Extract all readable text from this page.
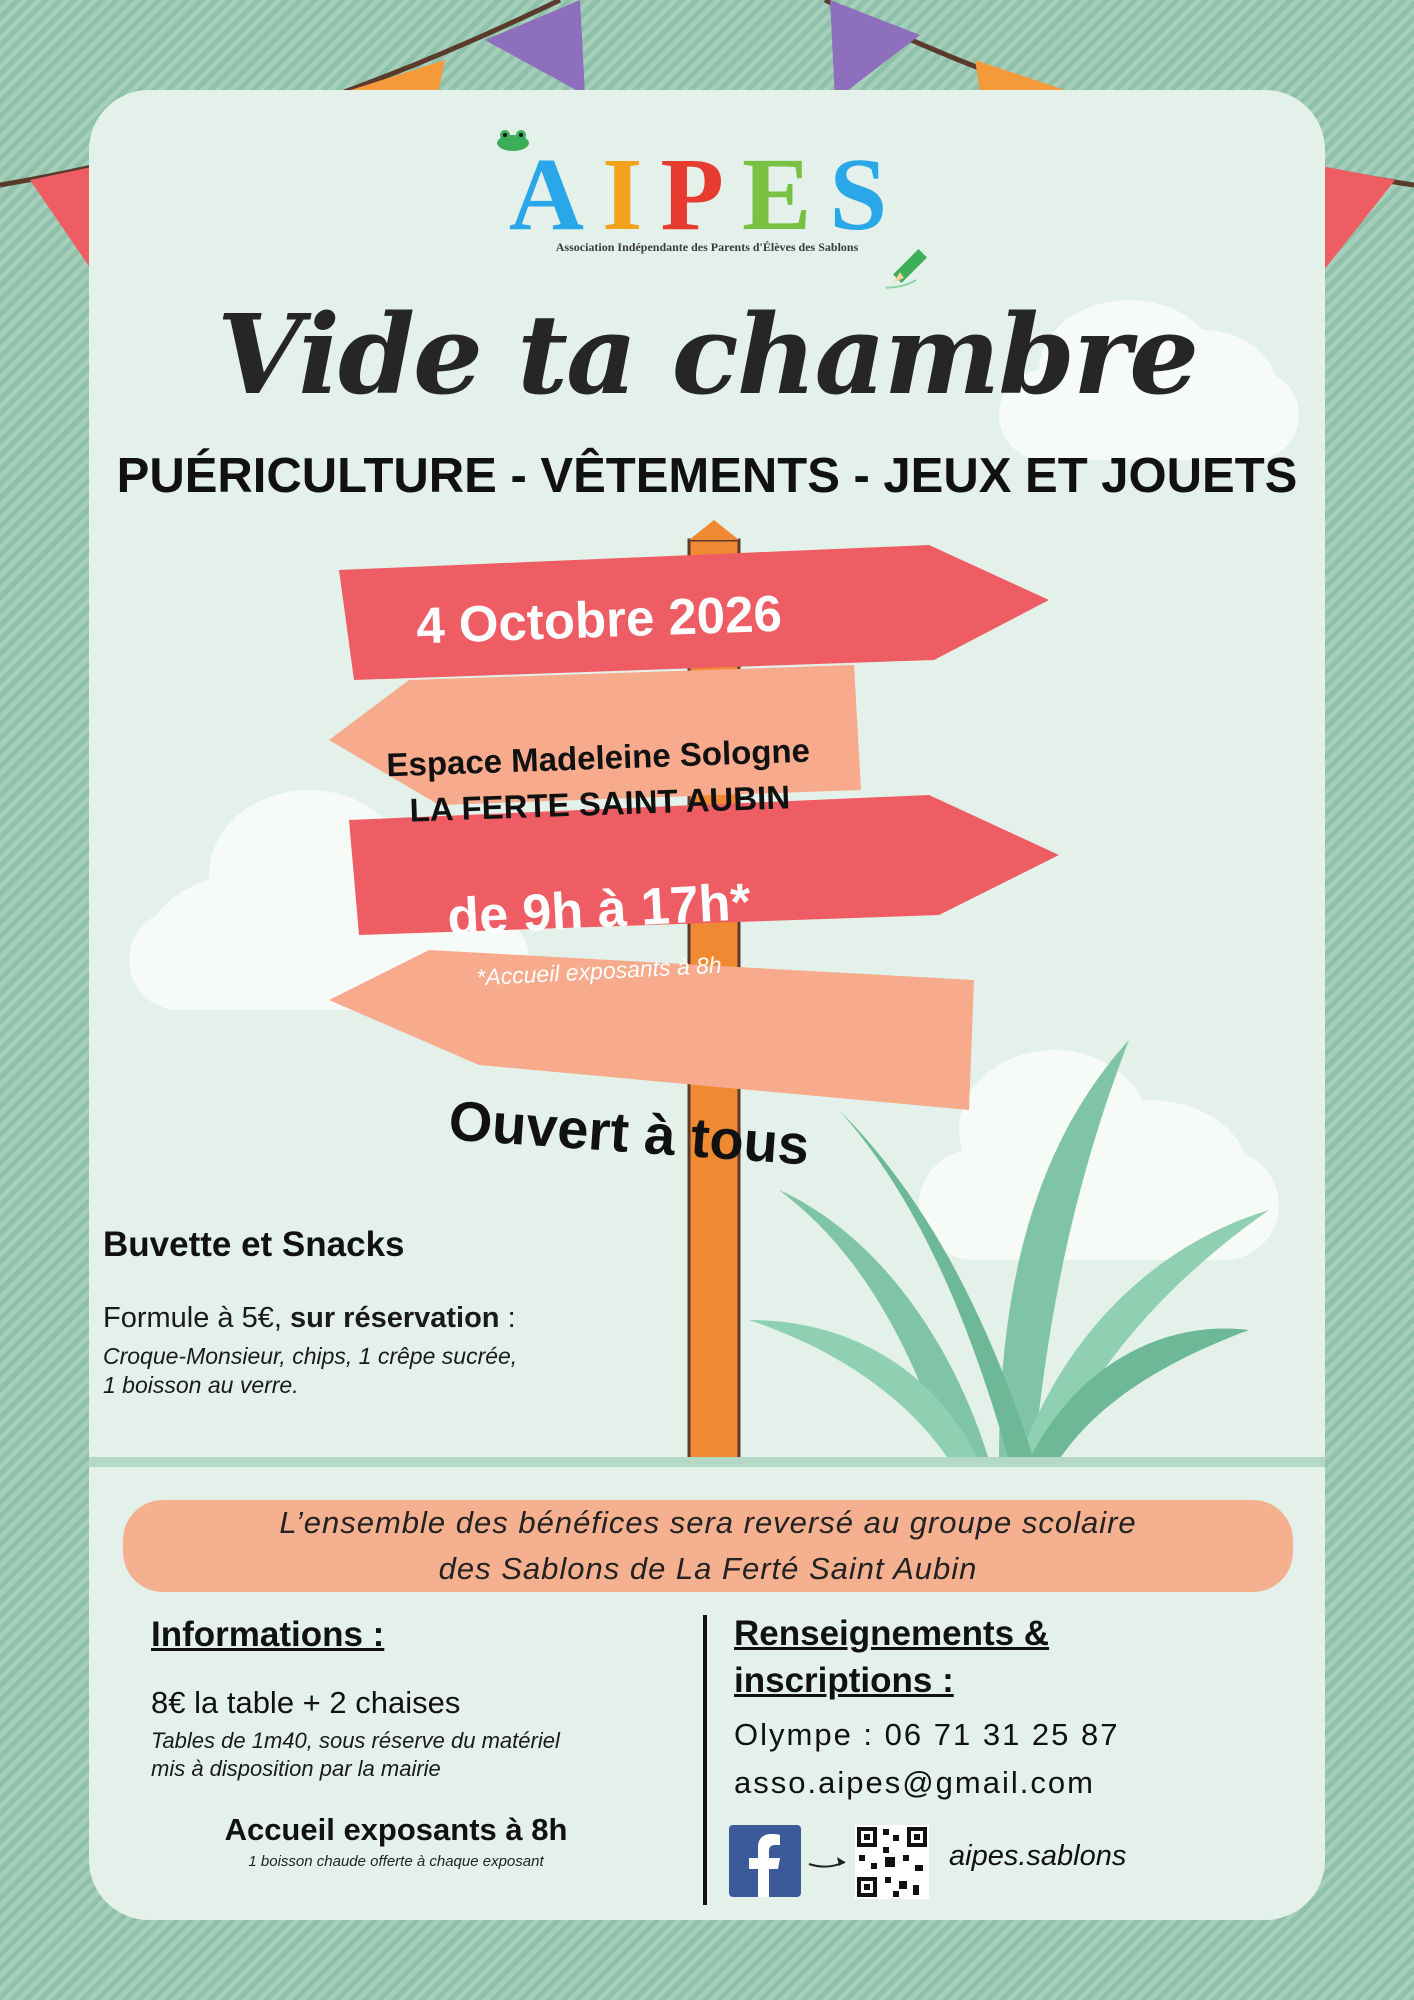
AIPES
Association Indépendante des Parents d'Élèves des Sablons
Vide ta chambre
PUÉRICULTURE - VÊTEMENTS - JEUX ET JOUETS
4 Octobre 2026
Espace Madeleine Sologne
LA FERTE SAINT AUBIN
de 9h à 17h*
*Accueil exposants à 8h
Ouvert à tous
Buvette et Snacks
Formule à 5€, sur réservation :
Croque-Monsieur, chips, 1 crêpe sucrée,
1 boisson au verre.
L’ensemble des bénéfices sera reversé au groupe scolaire
des Sablons de La Ferté Saint Aubin
Informations :
8€ la table + 2 chaises
Tables de 1m40, sous réserve du matériel
mis à disposition par la mairie
Accueil exposants à 8h
1 boisson chaude offerte à chaque exposant
Renseignements &
inscriptions :
Olympe : 06 71 31 25 87
asso.aipes@gmail.com
aipes.sablons
